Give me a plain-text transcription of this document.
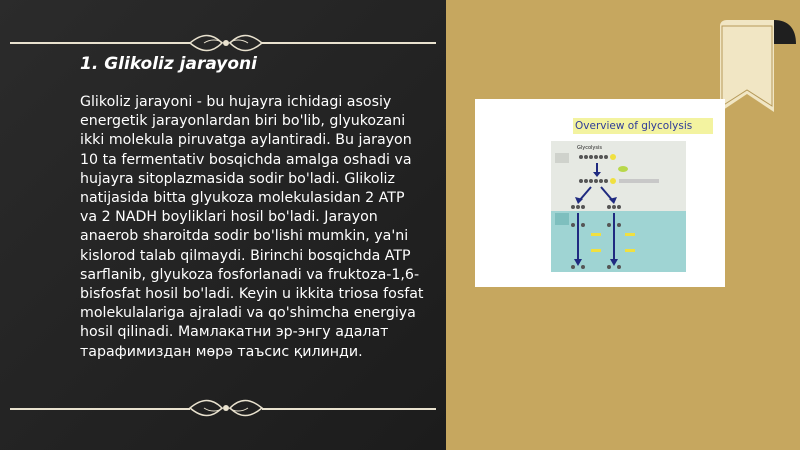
1. Glikoliz jarayoni
Glikoliz jarayoni - bu hujayra ichidagi asosiy energetik jarayonlardan biri bo'lib, glyukozani ikki molekula piruvatga aylantiradi. Bu jarayon 10 ta fermentativ bosqichda amalga oshadi va hujayra sitoplazmasida sodir bo'ladi. Glikoliz natijasida bitta glyukoza molekulasidan 2 ATP va 2 NADH boyliklari hosil bo'ladi. Jarayon anaerob sharoitda sodir bo'lishi mumkin, ya'ni kislorod talab qilmaydi. Birinchi bosqichda ATP sarflanib, glyukoza fosforlanadi va fruktoza-1,6-bisfosfat hosil bo'ladi. Keyin u ikkita triosa fosfat molekulalariga ajraladi va qo'shimcha energiya hosil qilinadi. Мамлакатни эр-энгу адалат тарафимиздан мөрә таъсис қилинди.
Overview of glycolysis
Glycolysis
